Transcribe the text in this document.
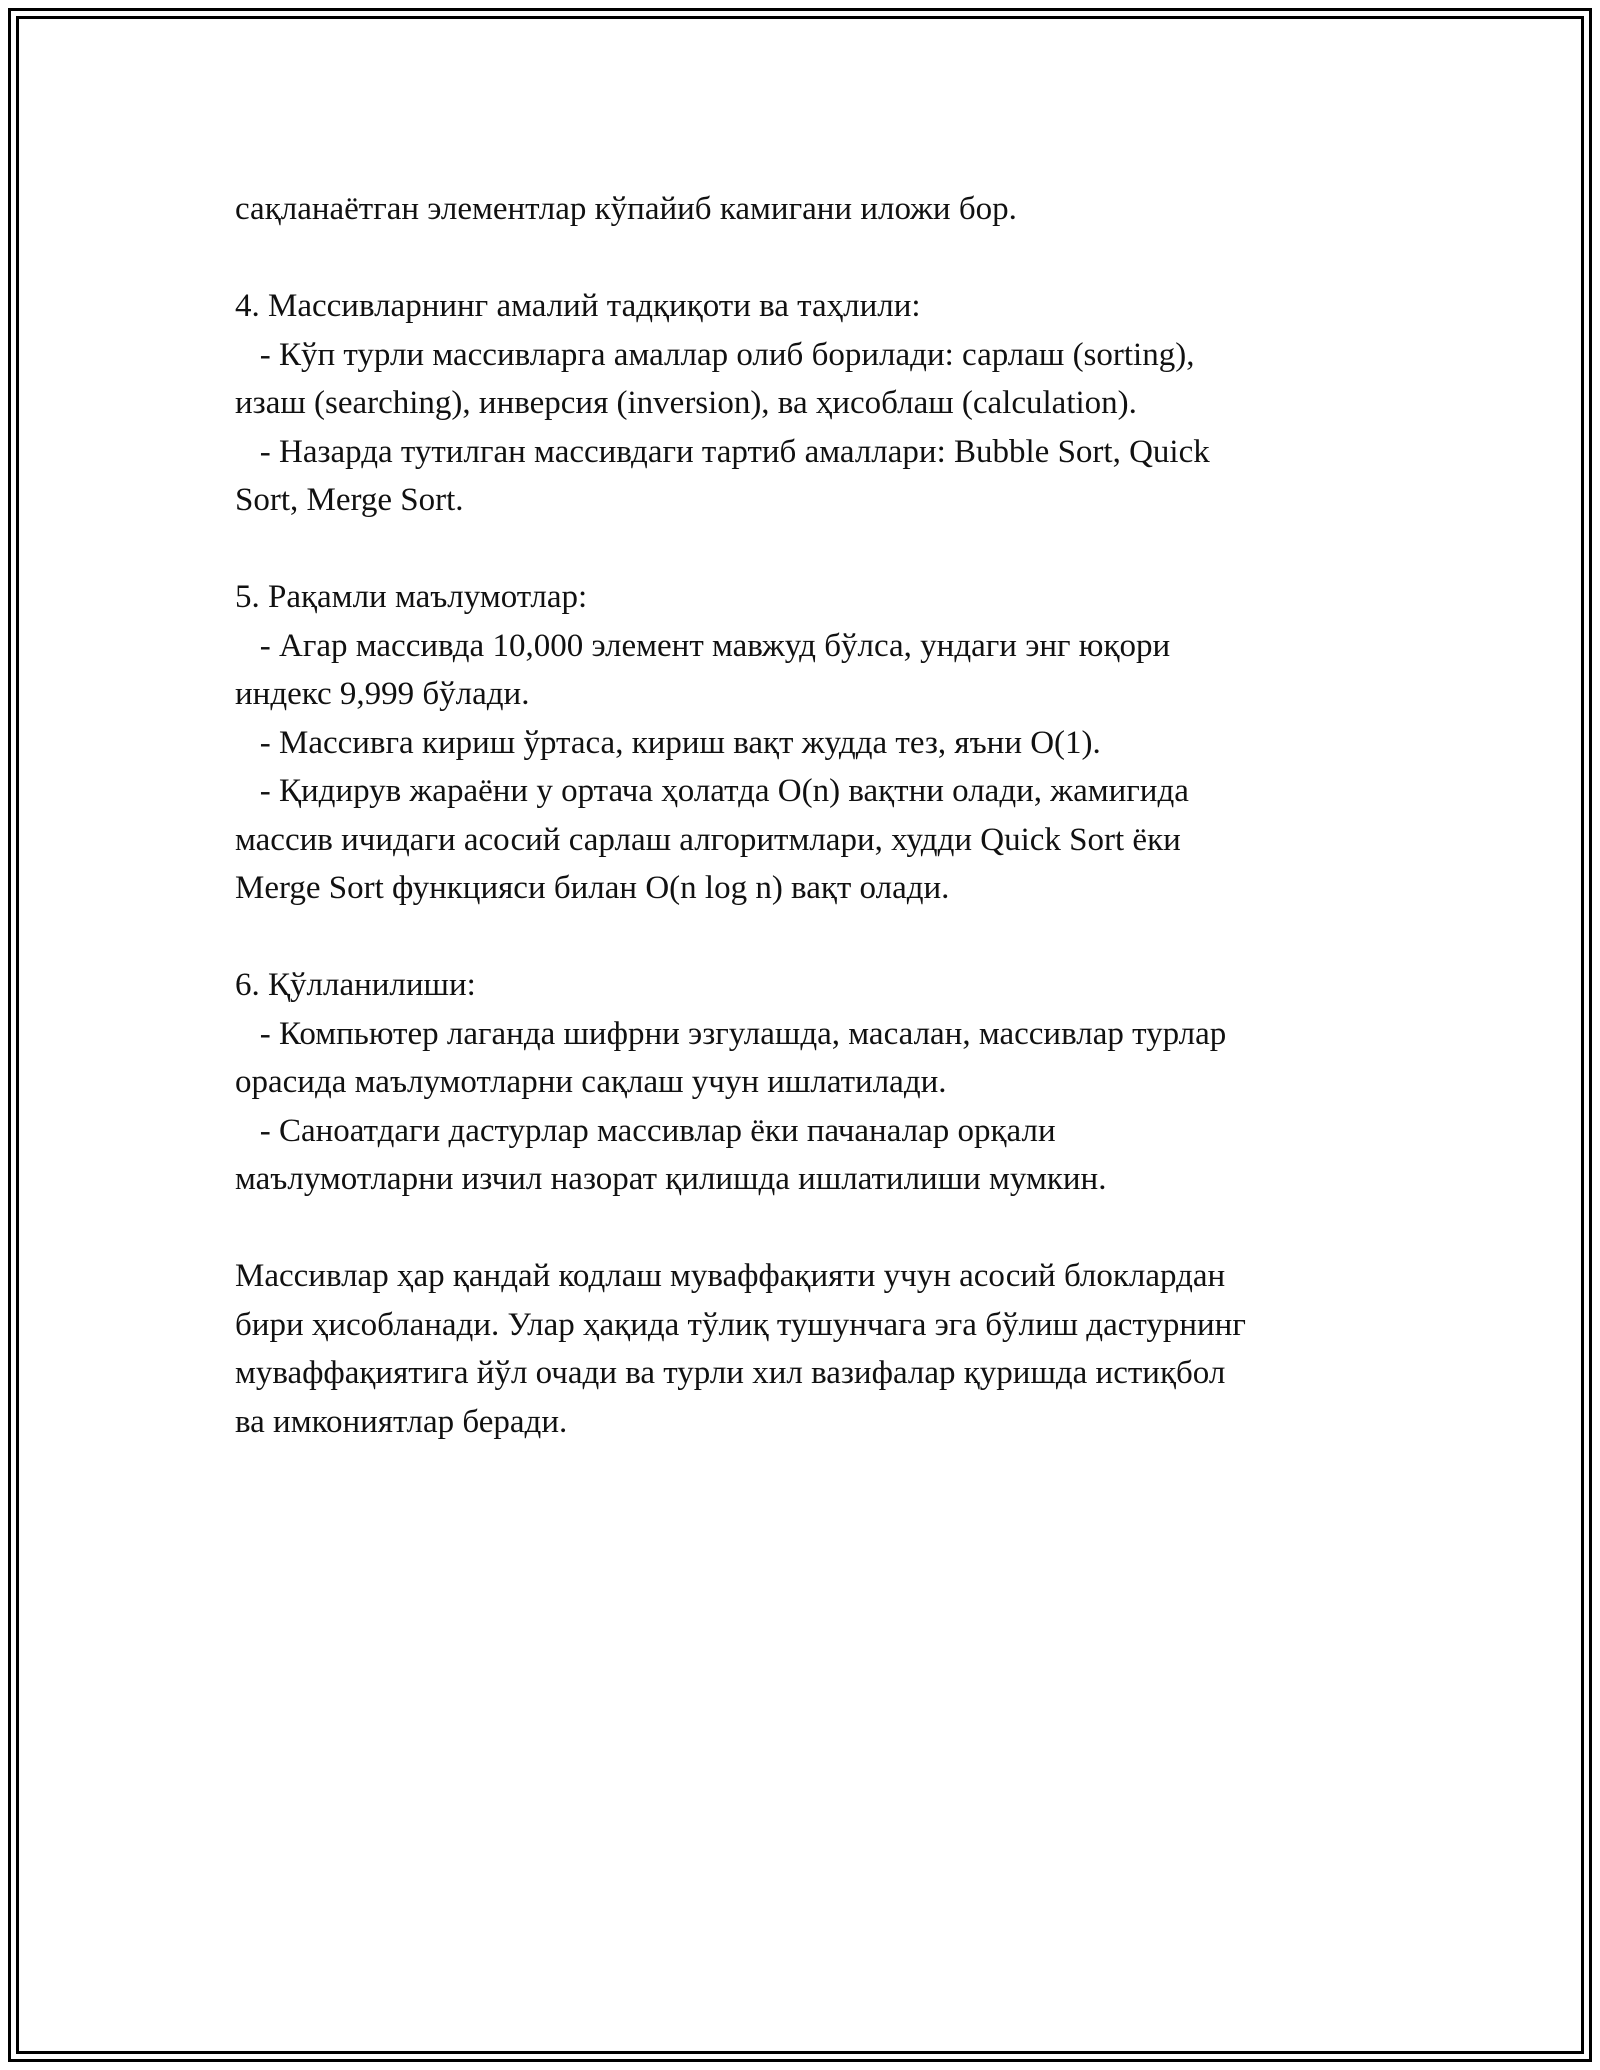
сақланаётган элементлар кўпайиб камигани иложи бор.
4. Массивларнинг амалий тадқиқоти ва таҳлили:
- Кўп турли массивларга амаллар олиб борилади: сарлаш (sorting),
изаш (searching), инверсия (inversion), ва ҳисоблаш (calculation).
- Назарда тутилган массивдаги тартиб амаллари: Bubble Sort, Quick
Sort, Merge Sort.
5. Рақамли маълумотлар:
- Агар массивда 10,000 элемент мавжуд бўлса, ундаги энг юқори
индекс 9,999 бўлади.
- Массивга кириш ўртаса, кириш вақт жудда тез, яъни O(1).
- Қидирув жараёни у ортача ҳолатда O(n) вақтни олади, жамигида
массив ичидаги асосий сарлаш алгоритмлари, худди Quick Sort ёки
Merge Sort функцияси билан O(n log n) вақт олади.
6. Қўлланилиши:
- Компьютер лаганда шифрни эзгулашда, масалан, массивлар турлар
орасида маълумотларни сақлаш учун ишлатилади.
- Саноатдаги дастурлар массивлар ёки пачаналар орқали
маълумотларни изчил назорат қилишда ишлатилиши мумкин.
Массивлар ҳар қандай кодлаш муваффақияти учун асосий блоклардан
бири ҳисобланади. Улар ҳақида тўлиқ тушунчага эга бўлиш дастурнинг
муваффақиятига йўл очади ва турли хил вазифалар қуришда истиқбол
ва имкониятлар беради.
